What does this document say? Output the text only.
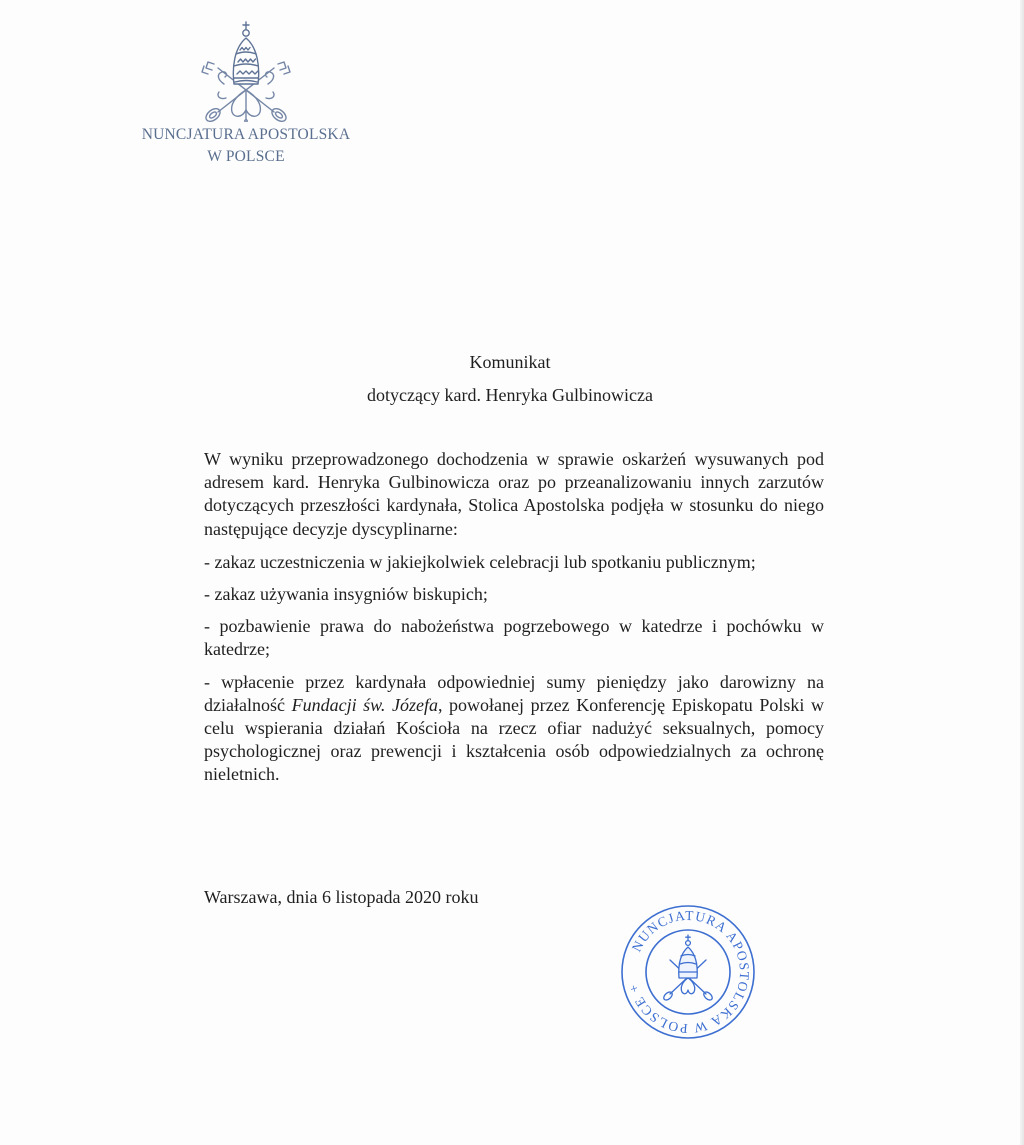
NUNCJATURA APOSTOLSKA
W POLSCE
Komunikat
dotyczący kard. Henryka Gulbinowicza

W wyniku przeprowadzonego dochodzenia w sprawie oskarżeń wysuwanych pod adresem kard. Henryka Gulbinowicza oraz po przeanalizowaniu innych zarzutów dotyczących przeszłości kardynała, Stolica Apostolska podjęła w stosunku do niego następujące decyzje dyscyplinarne:

- zakaz uczestniczenia w jakiejkolwiek celebracji lub spotkaniu publicznym;

- zakaz używania insygniów biskupich;

- pozbawienie prawa do nabożeństwa pogrzebowego w katedrze i pochówku w katedrze;

- wpłacenie przez kardynała odpowiedniej sumy pieniędzy jako darowizny na działalność Fundacji św. Józefa, powołanej przez Konferencję Episkopatu Polski w celu wspierania działań Kościoła na rzecz ofiar nadużyć seksualnych, pomocy psychologicznej oraz prewencji i kształcenia osób odpowiedzialnych za ochronę nieletnich.

Warszawa, dnia 6 listopada 2020 roku
NUNCJATURA APOSTOLSKA W POLSCE +
